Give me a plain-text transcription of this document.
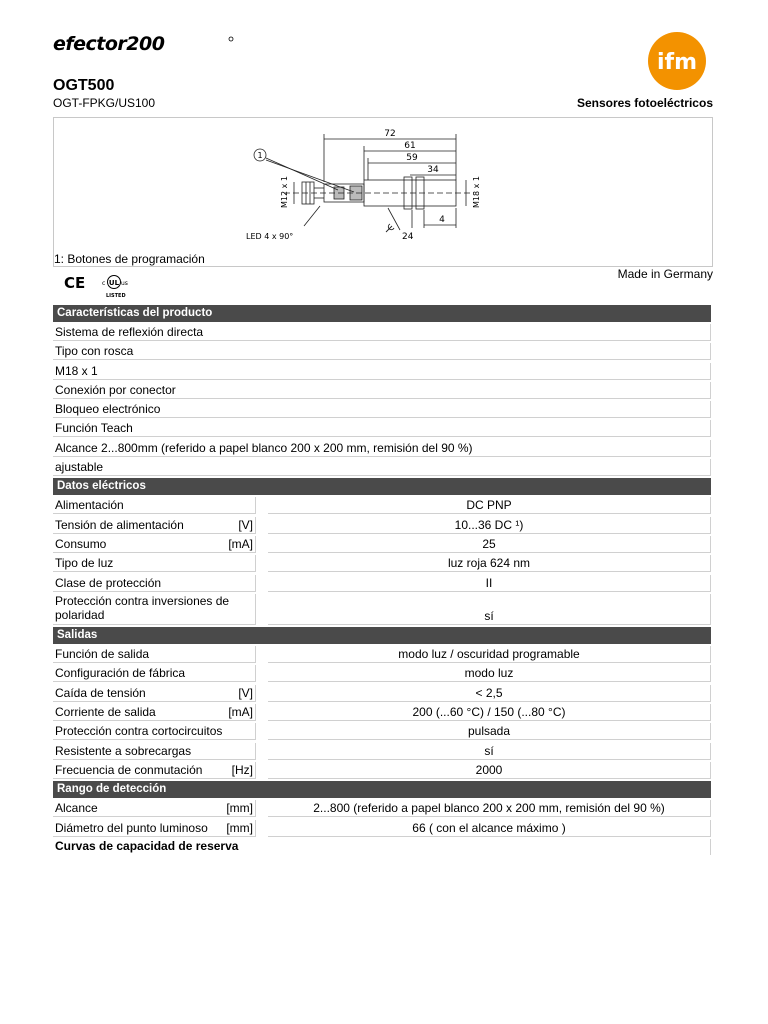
efector200
ifm
OGT500
OGT-FPKG/US100	Sensores fotoeléctricos
72
61
59
34
4
24
1
LED 4 x 90°
M12 x 1	M18 x 1
1: Botones de programación
CE	c UL us
LISTED
Made in Germany
Características del producto
Sistema de reflexión directa
Tipo con rosca
M18 x 1
Conexión por conector
Bloqueo electrónico
Función Teach
Alcance 2...800mm (referido a papel blanco 200 x 200 mm, remisión del 90 %)
ajustable
Datos eléctricos
Alimentación	DC PNP
Tensión de alimentación	[V]	10...36 DC ¹)
Consumo	[mA]	25
Tipo de luz	luz roja 624 nm
Clase de protección	II
Protección contra inversiones de polaridad	sí
Salidas
Función de salida	modo luz / oscuridad programable
Configuración de fábrica	modo luz
Caída de tensión	[V]	< 2,5
Corriente de salida	[mA]	200 (...60 °C) / 150 (...80 °C)
Protección contra cortocircuitos	pulsada
Resistente a sobrecargas	sí
Frecuencia de conmutación	[Hz]	2000
Rango de detección
Alcance	[mm]	2...800 (referido a papel blanco 200 x 200 mm, remisión del 90 %)
Diámetro del punto luminoso	[mm]	66 ( con el alcance máximo )
Curvas de capacidad de reserva
